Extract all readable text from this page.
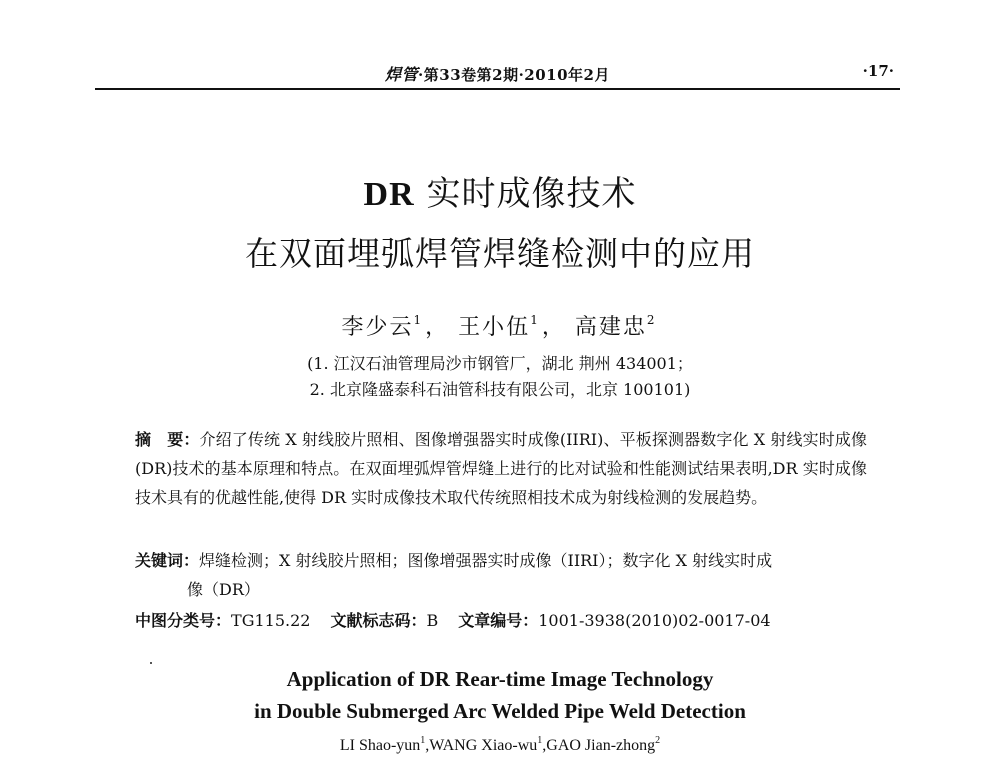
焊管·第33卷第2期·2010年2月	·17·
DR 实时成像技术
在双面埋弧焊管焊缝检测中的应用
李少云$^1$， 王小伍$^1$， 高建忠$^2$
(1. 江汉石油管理局沙市钢管厂，湖北 荆州 434001；
2. 北京隆盛泰科石油管科技有限公司，北京 100101)
摘　要：介绍了传统 X 射线胶片照相、图像增强器实时成像(IIRI)、平板探测器数字化 X 射线实时成像(DR)技术的基本原理和特点。在双面埋弧焊管焊缝上进行的比对试验和性能测试结果表明,DR 实时成像技术具有的优越性能,使得 DR 实时成像技术取代传统照相技术成为射线检测的发展趋势。
关键词：焊缝检测；X 射线胶片照相；图像增强器实时成像（IIRI）；数字化 X 射线实时成
像（DR）
中图分类号：TG115.22 文献标志码：B 文章编号：1001-3938(2010)02-0017-04
Application of DR Rear-time Image Technology
in Double Submerged Arc Welded Pipe Weld Detection
LI Shao-yun$^1$,WANG Xiao-$wu^1,GAO$ Jian-zhong$^2$
